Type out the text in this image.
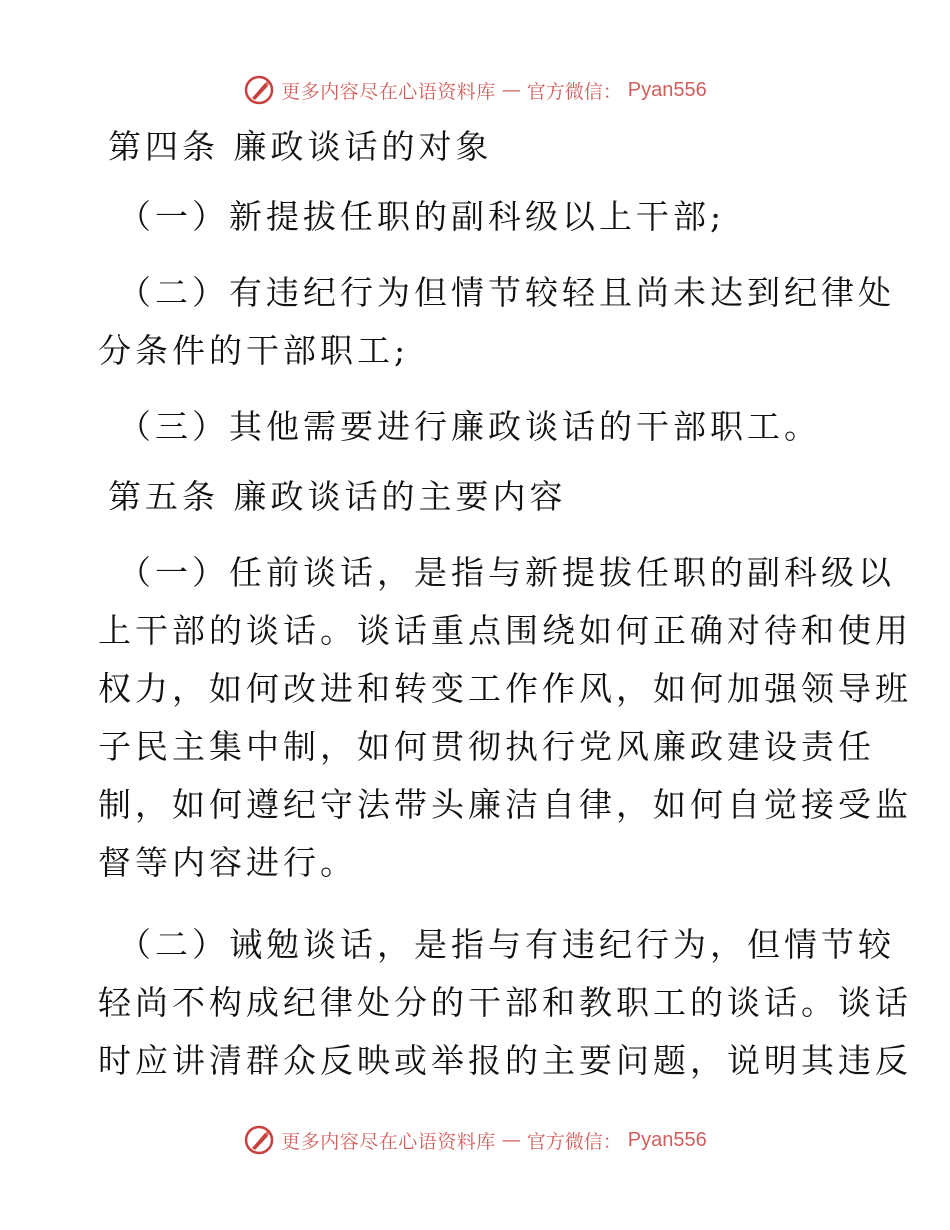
更多内容尽在心语资料库 — 官方微信： Pyan556

第四条 廉政谈话的对象

（一）新提拔任职的副科级以上干部;

（二）有违纪行为但情节较轻且尚未达到纪律处

分条件的干部职工;

（三）其他需要进行廉政谈话的干部职工。

第五条 廉政谈话的主要内容

（一）任前谈话，是指与新提拔任职的副科级以

上干部的谈话。谈话重点围绕如何正确对待和使用

权力，如何改进和转变工作作风，如何加强领导班

子民主集中制，如何贯彻执行党风廉政建设责任

制，如何遵纪守法带头廉洁自律，如何自觉接受监

督等内容进行。

（二）诫勉谈话，是指与有违纪行为，但情节较

轻尚不构成纪律处分的干部和教职工的谈话。谈话

时应讲清群众反映或举报的主要问题，说明其违反

更多内容尽在心语资料库 — 官方微信： Pyan556
